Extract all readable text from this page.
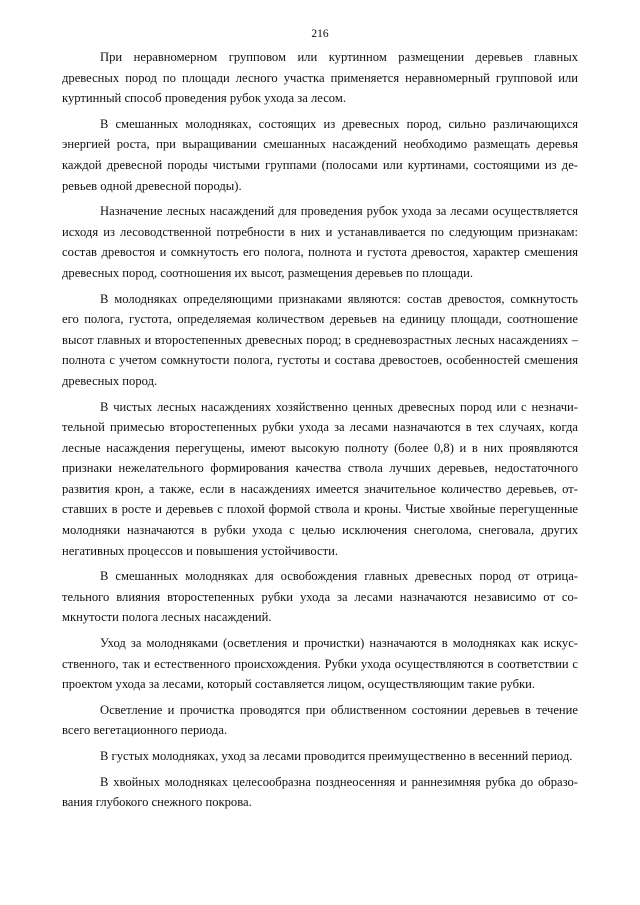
216

При неравномерном групповом или куртинном размещении деревьев главных древесных пород по площади лесного участка применяется неравномерный групповой или куртинный способ проведения рубок ухода за лесом.

В смешанных молодняках, состоящих из древесных пород, сильно различающихся энергией роста, при выращивании смешанных насаждений необходимо размещать деревья каждой древесной породы чистыми группами (полосами или куртинами, состоящими из деревьев одной древесной породы).

Назначение лесных насаждений для проведения рубок ухода за лесами осуществляется исходя из лесоводственной потребности в них и устанавливается по следующим признакам: состав древостоя и сомкнутость его полога, полнота и густота древостоя, характер смешения древесных пород, соотношения их высот, размещения деревьев по площади.

В молодняках определяющими признаками являются: состав древостоя, сомкнутость его полога, густота, определяемая количеством деревьев на единицу площади, соотношение высот главных и второстепенных древесных пород; в средневозрастных лесных насаждениях – полнота с учетом сомкнутости полога, густоты и состава древостоев, особенностей смешения древесных пород.

В чистых лесных насаждениях хозяйственно ценных древесных пород или с незначительной примесью второстепенных рубки ухода за лесами назначаются в тех случаях, когда лесные насаждения перегущены, имеют высокую полноту (более 0,8) и в них проявляются признаки нежелательного формирования качества ствола лучших деревьев, недостаточного развития крон, а также, если в насаждениях имеется значительное количество деревьев, отставших в росте и деревьев с плохой формой ствола и кроны. Чистые хвойные перегущенные молодняки назначаются в рубки ухода с целью исключения снеголома, снеговала, других негативных процессов и повышения устойчивости.

В смешанных молодняках для освобождения главных древесных пород от отрицательного влияния второстепенных рубки ухода за лесами назначаются независимо от сомкнутости полога лесных насаждений.

Уход за молодняками (осветления и прочистки) назначаются в молодняках как искусственного, так и естественного происхождения. Рубки ухода осуществляются в соответствии с проектом ухода за лесами, который составляется лицом, осуществляющим такие рубки.

Осветление и прочистка проводятся при облиственном состоянии деревьев в течение всего вегетационного периода.

В густых молодняках, уход за лесами проводится преимущественно в весенний период.

В хвойных молодняках целесообразна позднеосенняя и раннезимняя рубка до образования глубокого снежного покрова.
